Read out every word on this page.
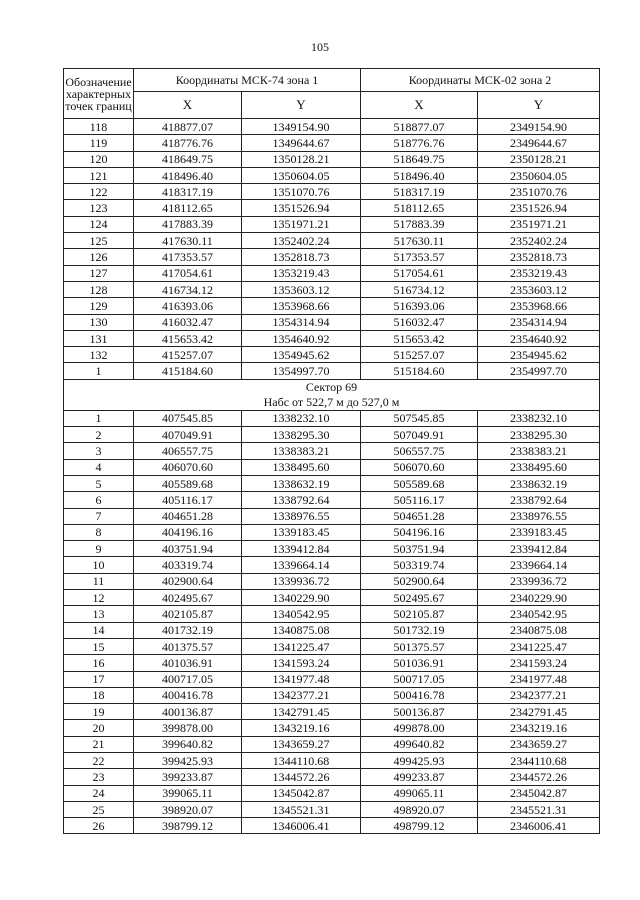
105
Обозначение характерных точек границ	Координаты МСК-74 зона 1		Координаты МСК-02 зона 2	
	X	Y	X	Y
118	418877.07	1349154.90	518877.07	2349154.90
119	418776.76	1349644.67	518776.76	2349644.67
120	418649.75	1350128.21	518649.75	2350128.21
121	418496.40	1350604.05	518496.40	2350604.05
122	418317.19	1351070.76	518317.19	2351070.76
123	418112.65	1351526.94	518112.65	2351526.94
124	417883.39	1351971.21	517883.39	2351971.21
125	417630.11	1352402.24	517630.11	2352402.24
126	417353.57	1352818.73	517353.57	2352818.73
127	417054.61	1353219.43	517054.61	2353219.43
128	416734.12	1353603.12	516734.12	2353603.12
129	416393.06	1353968.66	516393.06	2353968.66
130	416032.47	1354314.94	516032.47	2354314.94
131	415653.42	1354640.92	515653.42	2354640.92
132	415257.07	1354945.62	515257.07	2354945.62
1	415184.60	1354997.70	515184.60	2354997.70

Сектор 69
Набс от 522,7 м до 527,0 м				

1	407545.85	1338232.10	507545.85	2338232.10
2	407049.91	1338295.30	507049.91	2338295.30
3	406557.75	1338383.21	506557.75	2338383.21
4	406070.60	1338495.60	506070.60	2338495.60
5	405589.68	1338632.19	505589.68	2338632.19
6	405116.17	1338792.64	505116.17	2338792.64
7	404651.28	1338976.55	504651.28	2338976.55
8	404196.16	1339183.45	504196.16	2339183.45
9	403751.94	1339412.84	503751.94	2339412.84
10	403319.74	1339664.14	503319.74	2339664.14
11	402900.64	1339936.72	502900.64	2339936.72
12	402495.67	1340229.90	502495.67	2340229.90
13	402105.87	1340542.95	502105.87	2340542.95
14	401732.19	1340875.08	501732.19	2340875.08
15	401375.57	1341225.47	501375.57	2341225.47
16	401036.91	1341593.24	501036.91	2341593.24
17	400717.05	1341977.48	500717.05	2341977.48
18	400416.78	1342377.21	500416.78	2342377.21
19	400136.87	1342791.45	500136.87	2342791.45
20	399878.00	1343219.16	499878.00	2343219.16
21	399640.82	1343659.27	499640.82	2343659.27
22	399425.93	1344110.68	499425.93	2344110.68
23	399233.87	1344572.26	499233.87	2344572.26
24	399065.11	1345042.87	499065.11	2345042.87
25	398920.07	1345521.31	498920.07	2345521.31
26	398799.12	1346006.41	498799.12	2346006.41
